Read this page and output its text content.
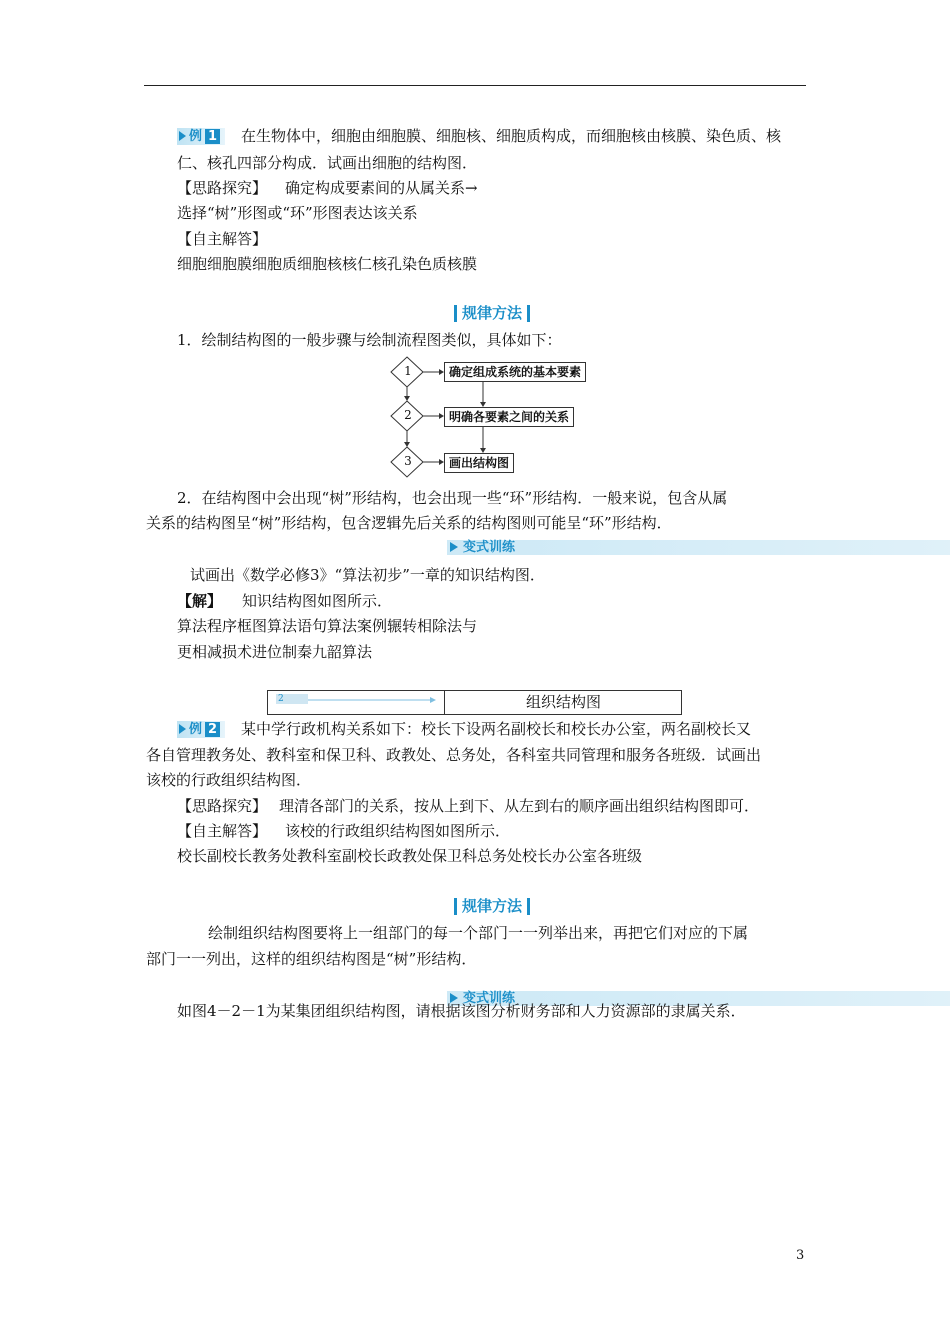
例 1	在生物体中，细胞由细胞膜、细胞核、细胞质构成，而细胞核由核膜、染色质、核
仁、核孔四部分构成．试画出细胞的结构图．
【思路探究】 确定构成要素间的从属关系→
选择“树”形图或“环”形图表达该关系
【自主解答】
细胞细胞膜细胞质细胞核核仁核孔染色质核膜
规律方法
1．绘制结构图的一般步骤与绘制流程图类似，具体如下：
1
2
3
确定组成系统的基本要素
明确各要素之间的关系
画出结构图
2．在结构图中会出现“树”形结构，也会出现一些“环”形结构．一般来说，包含从属
关系的结构图呈“树”形结构，包含逻辑先后关系的结构图则可能呈“环”形结构．
变式训练
试画出《数学必修3》“算法初步”一章的知识结构图．
【解】 知识结构图如图所示．
算法程序框图算法语句算法案例辗转相除法与
更相减损术进位制秦九韶算法
2	组织结构图
例 2	某中学行政机构关系如下：校长下设两名副校长和校长办公室，两名副校长又
各自管理教务处、教科室和保卫科、政教处、总务处，各科室共同管理和服务各班级．试画出
该校的行政组织结构图．
【思路探究】 理清各部门的关系，按从上到下、从左到右的顺序画出组织结构图即可．
【自主解答】 该校的行政组织结构图如图所示．
校长副校长教务处教科室副校长政教处保卫科总务处校长办公室各班级
规律方法
绘制组织结构图要将上一组部门的每一个部门一一列举出来，再把它们对应的下属
部门一一列出，这样的组织结构图是“树”形结构．
变式训练
如图4－2－1为某集团组织结构图，请根据该图分析财务部和人力资源部的隶属关系．
3
